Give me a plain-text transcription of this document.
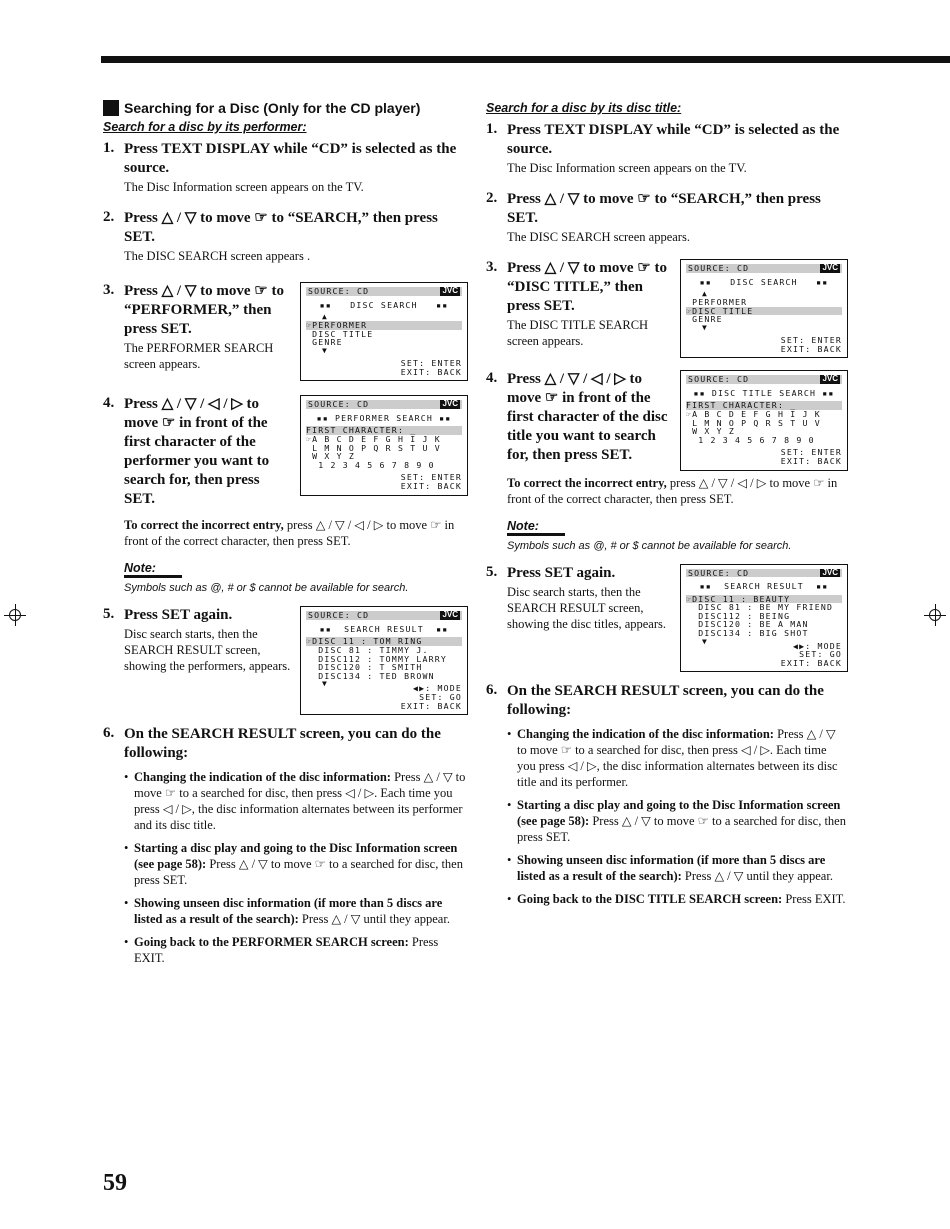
Searching for a Disc (Only for the CD player)
Search for a disc by its performer:
1. Press TEXT DISPLAY while “CD” is selected as the source.
The Disc Information screen appears on the TV.
2. Press △ / ▽ to move ☞ to “SEARCH,” then press SET.
The DISC SEARCH screen appears .
SOURCE: CD	JVC
▪▪   DISC SEARCH   ▪▪
▲
☞PERFORMER
DISC TITLE
GENRE
▼
SET: ENTER
EXIT: BACK
3. Press △ / ▽ to move ☞ to “PERFORMER,” then press SET.
The PERFORMER SEARCH screen appears.
SOURCE: CD	JVC
▪▪ PERFORMER SEARCH ▪▪
FIRST CHARACTER: _
☞A B C D E F G H I J K
L M N O P Q R S T U V
W X Y Z
1 2 3 4 5 6 7 8 9 0
SET: ENTER
EXIT: BACK
4. Press △ / ▽ / ◁ / ▷ to move ☞ in front of the first character of the performer you want to search for, then press SET.
To correct the incorrect entry, press △ / ▽ / ◁ / ▷ to move ☞ in front of the correct character, then press SET.
Note:
Symbols such as @, # or $ cannot be available for search.
SOURCE: CD	JVC
▪▪  SEARCH RESULT  ▪▪
☞DISC 11 : TOM RING
DISC 81 : TIMMY J.
DISC112 : TOMMY LARRY
DISC120 : T SMITH
DISC134 : TED BROWN
▼	◀▶: MODE
SET: GO
EXIT: BACK
5. Press SET again.
Disc search starts, then the SEARCH RESULT screen, showing the performers, appears.
6. On the SEARCH RESULT screen, you can do the following:
• Changing the indication of the disc information: Press △ / ▽ to move ☞ to a searched for disc, then press ◁ / ▷. Each time you press ◁ / ▷, the disc information alternates between its performer and its disc title.
• Starting a disc play and going to the Disc Information screen (see page 58): Press △ / ▽ to move ☞ to a searched for disc, then press SET.
• Showing unseen disc information (if more than 5 discs are listed as a result of the search): Press △ / ▽ until they appear.
• Going back to the PERFORMER SEARCH screen: Press EXIT.
Search for a disc by its disc title:
1. Press TEXT DISPLAY while “CD” is selected as the source.
The Disc Information screen appears on the TV.
2. Press △ / ▽ to move ☞ to “SEARCH,” then press SET.
The DISC SEARCH screen appears.
SOURCE: CD	JVC
▪▪   DISC SEARCH   ▪▪
▲
PERFORMER
☞DISC TITLE
GENRE
▼
SET: ENTER
EXIT: BACK
3. Press △ / ▽ to move ☞ to “DISC TITLE,” then press SET.
The DISC TITLE SEARCH screen appears.
SOURCE: CD	JVC
▪▪ DISC TITLE SEARCH ▪▪
FIRST CHARACTER: _
☞A B C D E F G H I J K
L M N O P Q R S T U V
W X Y Z
1 2 3 4 5 6 7 8 9 0
SET: ENTER
EXIT: BACK
4. Press △ / ▽ / ◁ / ▷ to move ☞ in front of the first character of the disc title you want to search for, then press SET.
To correct the incorrect entry, press △ / ▽ / ◁ / ▷ to move ☞ in front of the correct character, then press SET.
Note:
Symbols such as @, # or $ cannot be available for search.
SOURCE: CD	JVC
▪▪  SEARCH RESULT  ▪▪
☞DISC 11 : BEAUTY
DISC 81 : BE MY FRIEND
DISC112 : BEING
DISC120 : BE A MAN
DISC134 : BIG SHOT
▼	◀▶: MODE
SET: GO
EXIT: BACK
5. Press SET again.
Disc search starts, then the SEARCH RESULT screen, showing the disc titles, appears.
6. On the SEARCH RESULT screen, you can do the following:
• Changing the indication of the disc information: Press △ / ▽ to move ☞ to a searched for disc, then press ◁ / ▷. Each time you press ◁ / ▷, the disc information alternates between its disc title and its performer.
• Starting a disc play and going to the Disc Information screen (see page 58): Press △ / ▽ to move ☞ to a searched for disc, then press SET.
• Showing unseen disc information (if more than 5 discs are listed as a result of the search): Press △ / ▽ until they appear.
• Going back to the DISC TITLE SEARCH screen: Press EXIT.
59
